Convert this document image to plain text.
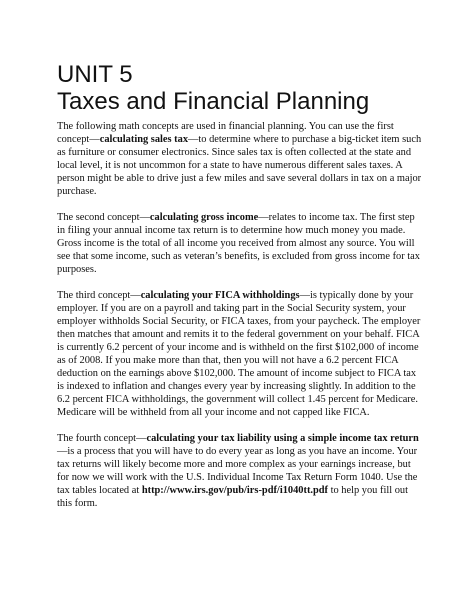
UNIT 5
Taxes and Financial Planning

The following math concepts are used in financial planning. You can use the first concept—calculating sales tax—to determine where to purchase a big-ticket item such as furniture or consumer electronics. Since sales tax is often collected at the state and local level, it is not uncommon for a state to have numerous different sales taxes. A person might be able to drive just a few miles and save several dollars in tax on a major purchase.

The second concept—calculating gross income—relates to income tax. The first step in filing your annual income tax return is to determine how much money you made. Gross income is the total of all income you received from almost any source. You will see that some income, such as veteran’s benefits, is excluded from gross income for tax purposes.

The third concept—calculating your FICA withholdings—is typically done by your employer. If you are on a payroll and taking part in the Social Security system, your employer withholds Social Security, or FICA taxes, from your paycheck. The employer then matches that amount and remits it to the federal government on your behalf. FICA is currently 6.2 percent of your income and is withheld on the first $102,000 of income as of 2008. If you make more than that, then you will not have a 6.2 percent FICA deduction on the earnings above $102,000. The amount of income subject to FICA tax is indexed to inflation and changes every year by increasing slightly. In addition to the 6.2 percent FICA withholdings, the government will collect 1.45 percent for Medicare. Medicare will be withheld from all your income and not capped like FICA.

The fourth concept—calculating your tax liability using a simple income tax return—is a process that you will have to do every year as long as you have an income. Your tax returns will likely become more and more complex as your earnings increase, but for now we will work with the U.S. Individual Income Tax Return Form 1040. Use the tax tables located at http://www.irs.gov/pub/irs-pdf/i1040tt.pdf to help you fill out this form.
